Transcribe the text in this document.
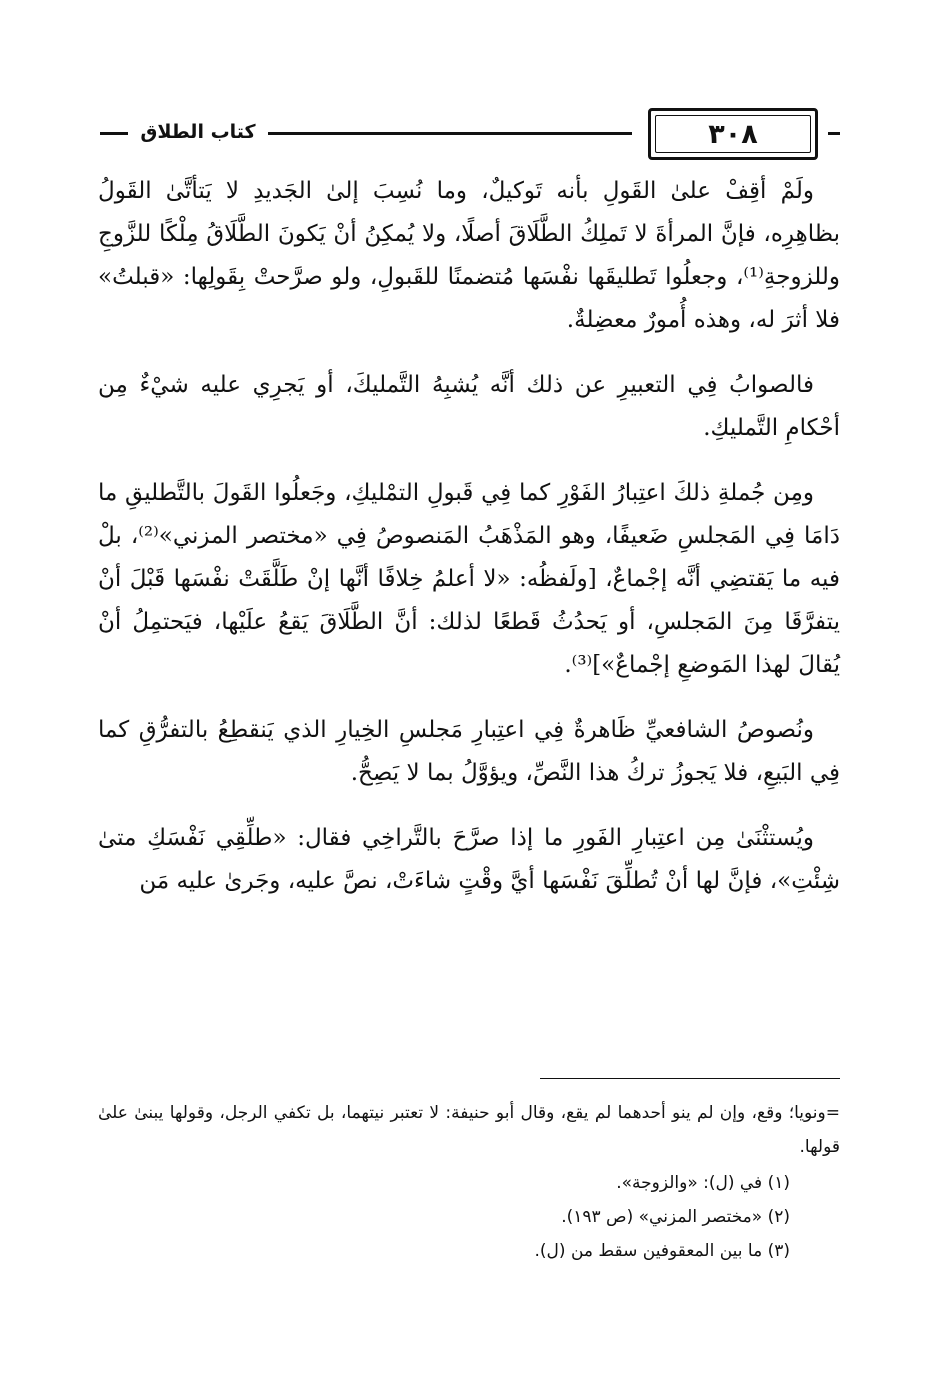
٣٠٨
كتاب الطلاق

ولَمْ أقِفْ علىٰ القَولِ بأنه تَوكيلٌ، وما نُسِبَ إلىٰ الجَديدِ لا يَتأتَّىٰ القَولُ بظاهِرِه، فإنَّ المرأةَ لا تَملِكُ الطَّلَاقَ أصلًا، ولا يُمكِنُ أنْ يَكونَ الطَّلَاقُ مِلْكًا للزَّوجِ وللزوجةِ⁽¹⁾، وجعلُوا تَطليقَها نفْسَها مُتضمنًا للقَبولِ، ولو صرَّحتْ بِقَولِها: «قبلتُ» فلا أثرَ له، وهذه أُمورٌ معضِلةٌ.

فالصوابُ فِي التعبيرِ عن ذلك أنَّه يُشبِهُ التَّمليكَ، أو يَجرِي عليه شيْءٌ مِن أحْكامِ التَّمليكِ.

ومِن جُملةِ ذلكَ اعتِبارُ الفَوْرِ كما فِي قَبولِ التمْليكِ، وجَعلُوا القَولَ بالتَّطليقِ ما دَامَا فِي المَجلسِ ضَعيفًا، وهو المَذْهَبُ المَنصوصُ فِي «مختصر المزني»⁽²⁾، بلْ فيه ما يَقتضِي أنَّه إجْماعٌ، [ولَفظُه: «لا أعلمُ خِلافًا أنَّها إنْ طَلَّقَتْ نفْسَها قَبْلَ أنْ يتفرَّقَا مِنَ المَجلسِ، أو يَحدُثُ قَطعًا لذلك: أنَّ الطَّلَاقَ يَقعُ علَيْها، فيَحتمِلُ أنْ يُقالَ لهذا المَوضعِ إجْماعٌ»]⁽³⁾.

ونُصوصُ الشافعيِّ ظَاهرةٌ فِي اعتِبارِ مَجلسِ الخِيارِ الذي يَنقطِعُ بالتفرُّقِ كما فِي البَيعِ، فلا يَجوزُ تركُ هذا النَّصِّ، ويؤوَّلُ بما لا يَصِحُّ.

ويُستثْنَىٰ مِن اعتِبارِ الفَورِ ما إذا صرَّحَ بالتَّراخِي فقال: «طلِّقِي نَفْسَكِ متىٰ شِئْتِ»، فإنَّ لها أنْ تُطلِّقَ نَفْسَها أيَّ وقْتٍ شاءَتْ، نصَّ عليه، وجَرىٰ عليه مَن

=ونويا؛ وقع، وإن لم ينو أحدهما لم يقع، وقال أبو حنيفة: لا تعتبر نيتهما، بل تكفي الرجل، وقولها يبنىٰ علىٰ قولها.

(١) في (ل): «والزوجة».

(٢) «مختصر المزني» (ص ١٩٣).

(٣) ما بين المعقوفين سقط من (ل).
